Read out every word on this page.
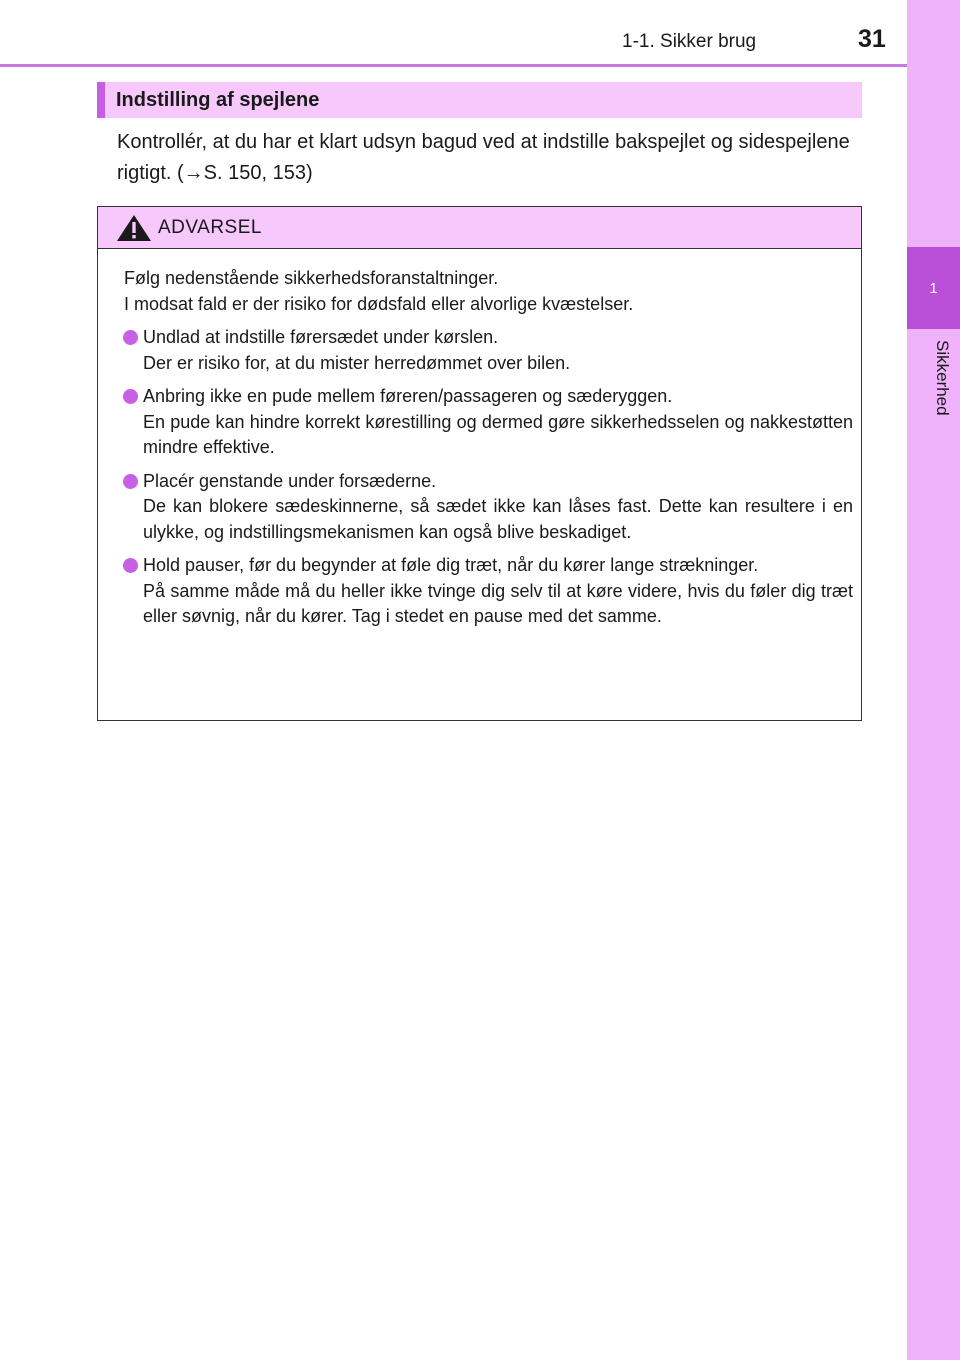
1
Sikkerhed
1-1. Sikker brug	31
Indstilling af spejlene

Kontrollér, at du har et klart udsyn bagud ved at indstille bakspejlet og sidespejlene rigtigt. (→S. 150, 153)

ADVARSEL

Følg nedenstående sikkerhedsforanstaltninger.

I modsat fald er der risiko for dødsfald eller alvorlige kvæstelser.

Undlad at indstille førersædet under kørslen.
Der er risiko for, at du mister herredømmet over bilen.
Anbring ikke en pude mellem føreren/passageren og sæderyggen.
En pude kan hindre korrekt kørestilling og dermed gøre sikkerhedsselen og nakkestøtten mindre effektive.
Placér genstande under forsæderne.
De kan blokere sædeskinnerne, så sædet ikke kan låses fast. Dette kan resultere i en ulykke, og indstillingsmekanismen kan også blive beskadiget.
Hold pauser, før du begynder at føle dig træt, når du kører lange strækninger.
På samme måde må du heller ikke tvinge dig selv til at køre videre, hvis du føler dig træt eller søvnig, når du kører. Tag i stedet en pause med det samme.
